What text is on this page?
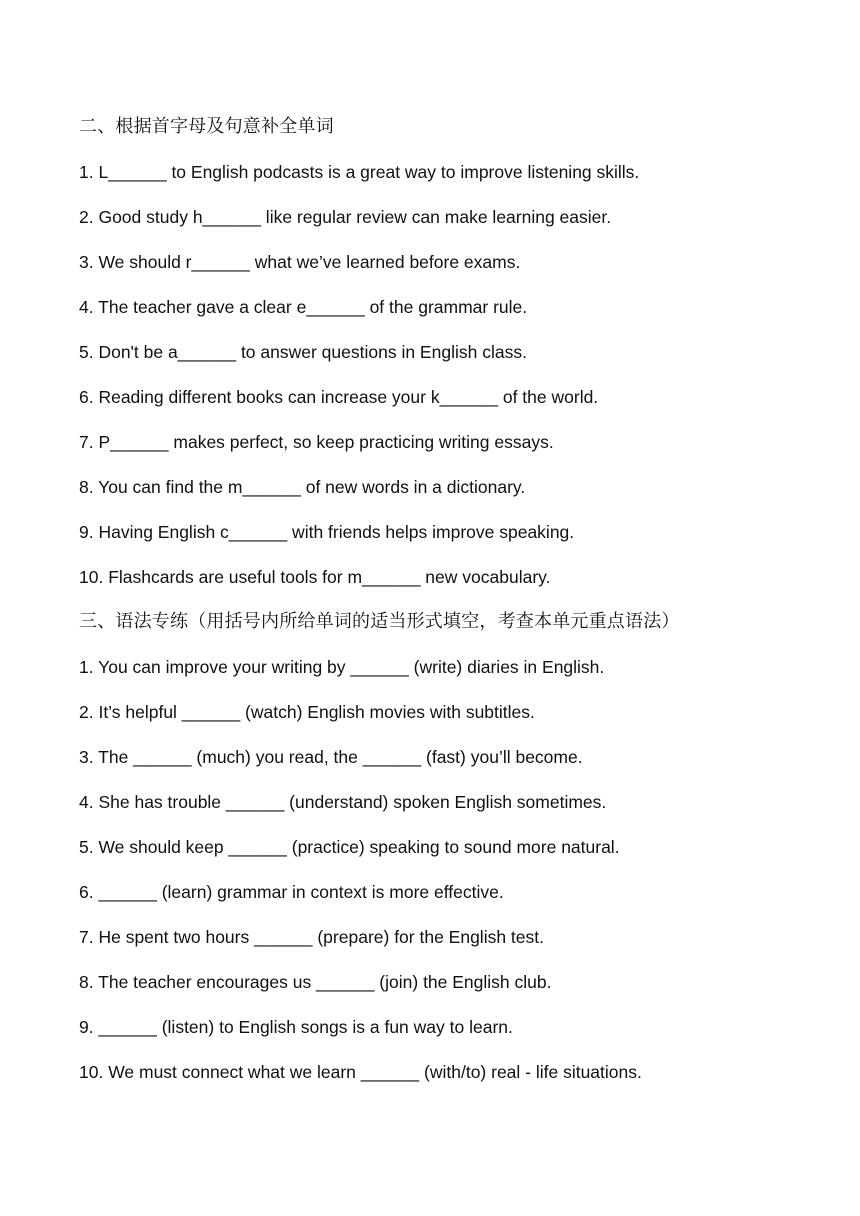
二、根据首字母及句意补全单词
1. L______ to English podcasts is a great way to improve listening skills.
2. Good study h______ like regular review can make learning easier.
3. We should r______ what we’ve learned before exams.
4. The teacher gave a clear e______ of the grammar rule.
5. Don't be a______ to answer questions in English class.
6. Reading different books can increase your k______ of the world.
7. P______ makes perfect, so keep practicing writing essays.
8. You can find the m______ of new words in a dictionary.
9. Having English c______ with friends helps improve speaking.
10. Flashcards are useful tools for m______ new vocabulary.
三、语法专练（用括号内所给单词的适当形式填空，考查本单元重点语法）
1. You can improve your writing by ______ (write) diaries in English.
2. It’s helpful ______ (watch) English movies with subtitles.
3. The ______ (much) you read, the ______ (fast) you’ll become.
4. She has trouble ______ (understand) spoken English sometimes.
5. We should keep ______ (practice) speaking to sound more natural.
6. ______ (learn) grammar in context is more effective.
7. He spent two hours ______ (prepare) for the English test.
8. The teacher encourages us ______ (join) the English club.
9. ______ (listen) to English songs is a fun way to learn.
10. We must connect what we learn ______ (with/to) real - life situations.
